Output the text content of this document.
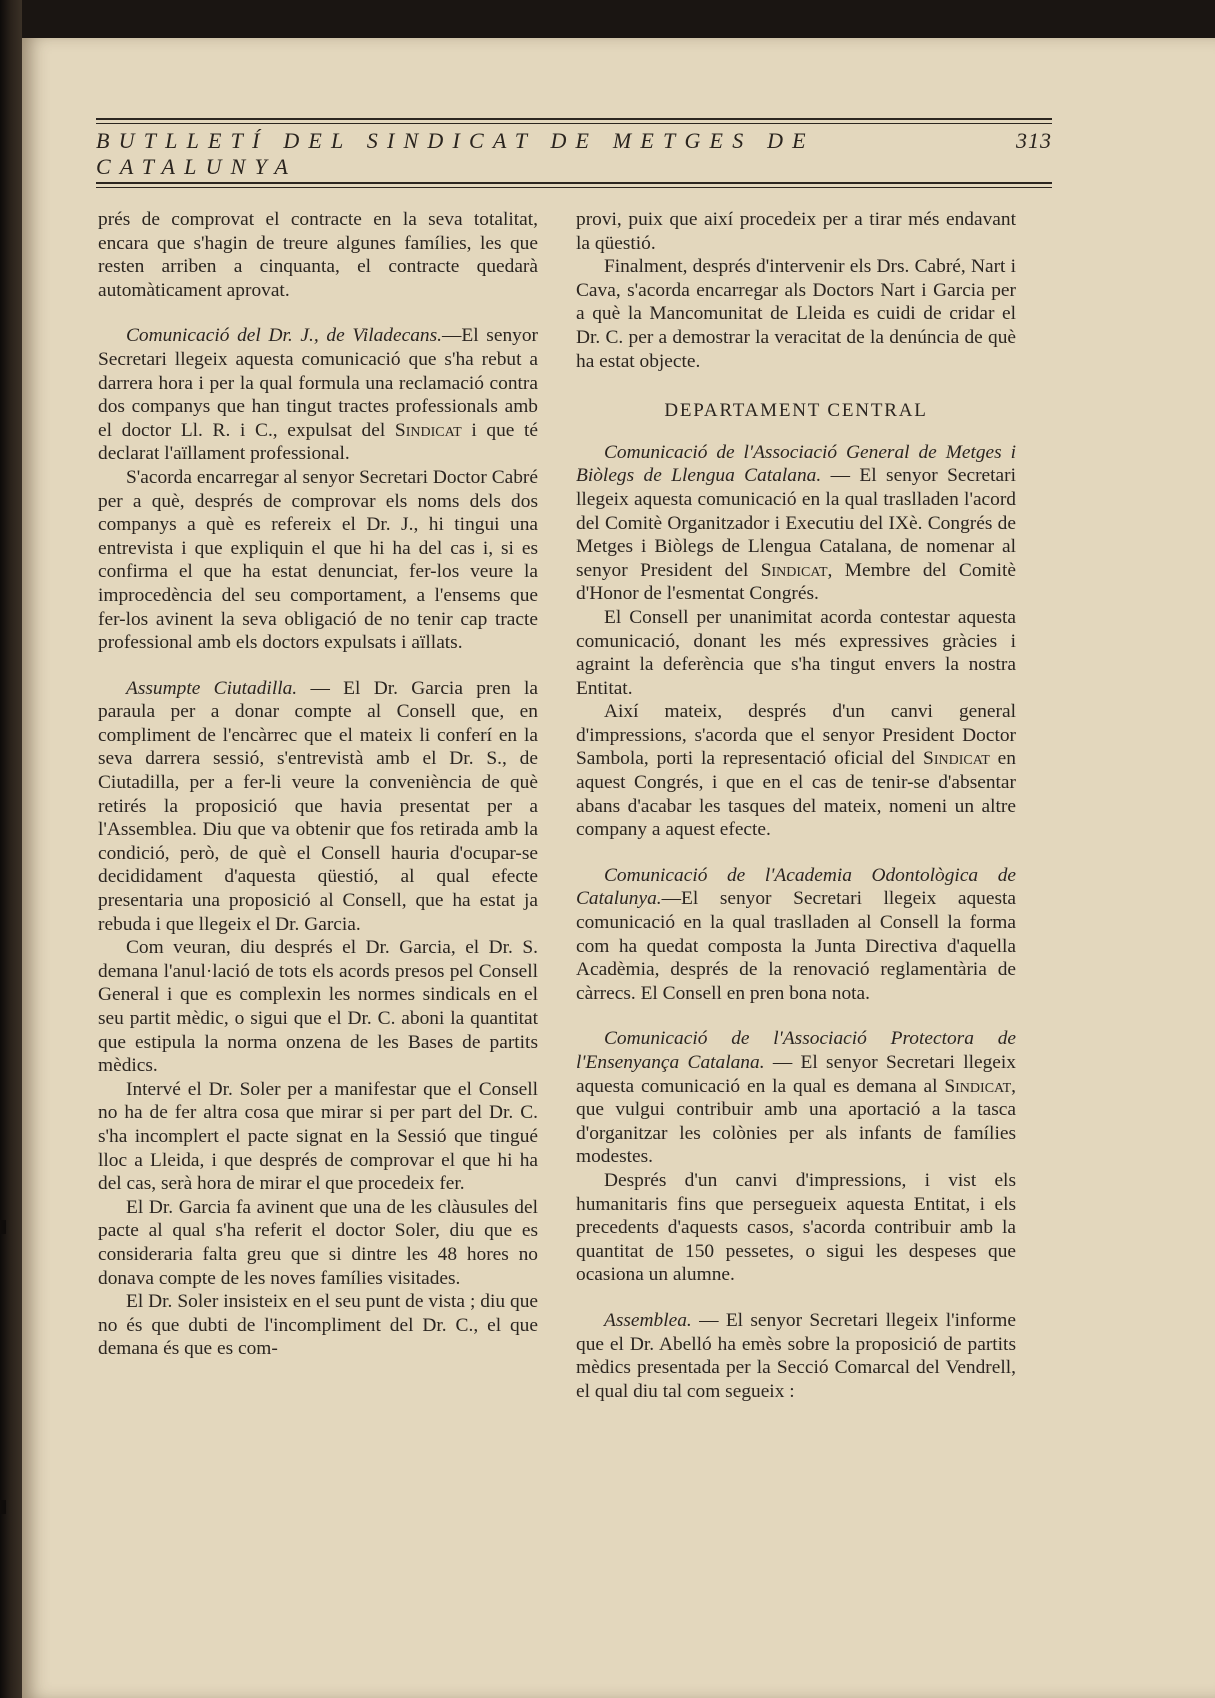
BUTLLETÍ DEL SINDICAT DE METGES DE CATALUNYA
313

prés de comprovat el contracte en la seva totalitat, encara que s'hagin de treure algunes famílies, les que resten arriben a cinquanta, el contracte quedarà automàticament aprovat.

Comunicació del Dr. J., de Viladecans.—El senyor Secretari llegeix aquesta comunicació que s'ha rebut a darrera hora i per la qual formula una reclamació contra dos companys que han tingut tractes professionals amb el doctor Ll. R. i C., expulsat del Sindicat i que té declarat l'aïllament professional.

S'acorda encarregar al senyor Secretari Doctor Cabré per a què, després de comprovar els noms dels dos companys a què es refereix el Dr. J., hi tingui una entrevista i que expliquin el que hi ha del cas i, si es confirma el que ha estat denunciat, fer-los veure la improcedència del seu comportament, a l'ensems que fer-los avinent la seva obligació de no tenir cap tracte professional amb els doctors expulsats i aïllats.

Assumpte Ciutadilla. — El Dr. Garcia pren la paraula per a donar compte al Consell que, en compliment de l'encàrrec que el mateix li conferí en la seva darrera sessió, s'entrevistà amb el Dr. S., de Ciutadilla, per a fer-li veure la conveniència de què retirés la proposició que havia presentat per a l'Assemblea. Diu que va obtenir que fos retirada amb la condició, però, de què el Consell hauria d'ocupar-se decididament d'aquesta qüestió, al qual efecte presentaria una proposició al Consell, que ha estat ja rebuda i que llegeix el Dr. Garcia.

Com veuran, diu després el Dr. Garcia, el Dr. S. demana l'anul·lació de tots els acords presos pel Consell General i que es complexin les normes sindicals en el seu partit mèdic, o sigui que el Dr. C. aboni la quantitat que estipula la norma onzena de les Bases de partits mèdics.

Intervé el Dr. Soler per a manifestar que el Consell no ha de fer altra cosa que mirar si per part del Dr. C. s'ha incomplert el pacte signat en la Sessió que tingué lloc a Lleida, i que després de comprovar el que hi ha del cas, serà hora de mirar el que procedeix fer.

El Dr. Garcia fa avinent que una de les clàusules del pacte al qual s'ha referit el doctor Soler, diu que es consideraria falta greu que si dintre les 48 hores no donava compte de les noves famílies visitades.

El Dr. Soler insisteix en el seu punt de vista ; diu que no és que dubti de l'incompliment del Dr. C., el que demana és que es com-

provi, puix que així procedeix per a tirar més endavant la qüestió.

Finalment, després d'intervenir els Drs. Cabré, Nart i Cava, s'acorda encarregar als Doctors Nart i Garcia per a què la Mancomunitat de Lleida es cuidi de cridar el Dr. C. per a demostrar la veracitat de la denúncia de què ha estat objecte.

DEPARTAMENT CENTRAL

Comunicació de l'Associació General de Metges i Biòlegs de Llengua Catalana. — El senyor Secretari llegeix aquesta comunicació en la qual traslladen l'acord del Comitè Organitzador i Executiu del IXè. Congrés de Metges i Biòlegs de Llengua Catalana, de nomenar al senyor President del Sindicat, Membre del Comitè d'Honor de l'esmentat Congrés.

El Consell per unanimitat acorda contestar aquesta comunicació, donant les més expressives gràcies i agraint la deferència que s'ha tingut envers la nostra Entitat.

Així mateix, després d'un canvi general d'impressions, s'acorda que el senyor President Doctor Sambola, porti la representació oficial del Sindicat en aquest Congrés, i que en el cas de tenir-se d'absentar abans d'acabar les tasques del mateix, nomeni un altre company a aquest efecte.

Comunicació de l'Academia Odontològica de Catalunya.—El senyor Secretari llegeix aquesta comunicació en la qual traslladen al Consell la forma com ha quedat composta la Junta Directiva d'aquella Acadèmia, després de la renovació reglamentària de càrrecs. El Consell en pren bona nota.

Comunicació de l'Associació Protectora de l'Ensenyança Catalana. — El senyor Secretari llegeix aquesta comunicació en la qual es demana al Sindicat, que vulgui contribuir amb una aportació a la tasca d'organitzar les colònies per als infants de famílies modestes.

Després d'un canvi d'impressions, i vist els humanitaris fins que persegueix aquesta Entitat, i els precedents d'aquests casos, s'acorda contribuir amb la quantitat de 150 pessetes, o sigui les despeses que ocasiona un alumne.

Assemblea. — El senyor Secretari llegeix l'informe que el Dr. Abelló ha emès sobre la proposició de partits mèdics presentada per la Secció Comarcal del Vendrell, el qual diu tal com segueix :
